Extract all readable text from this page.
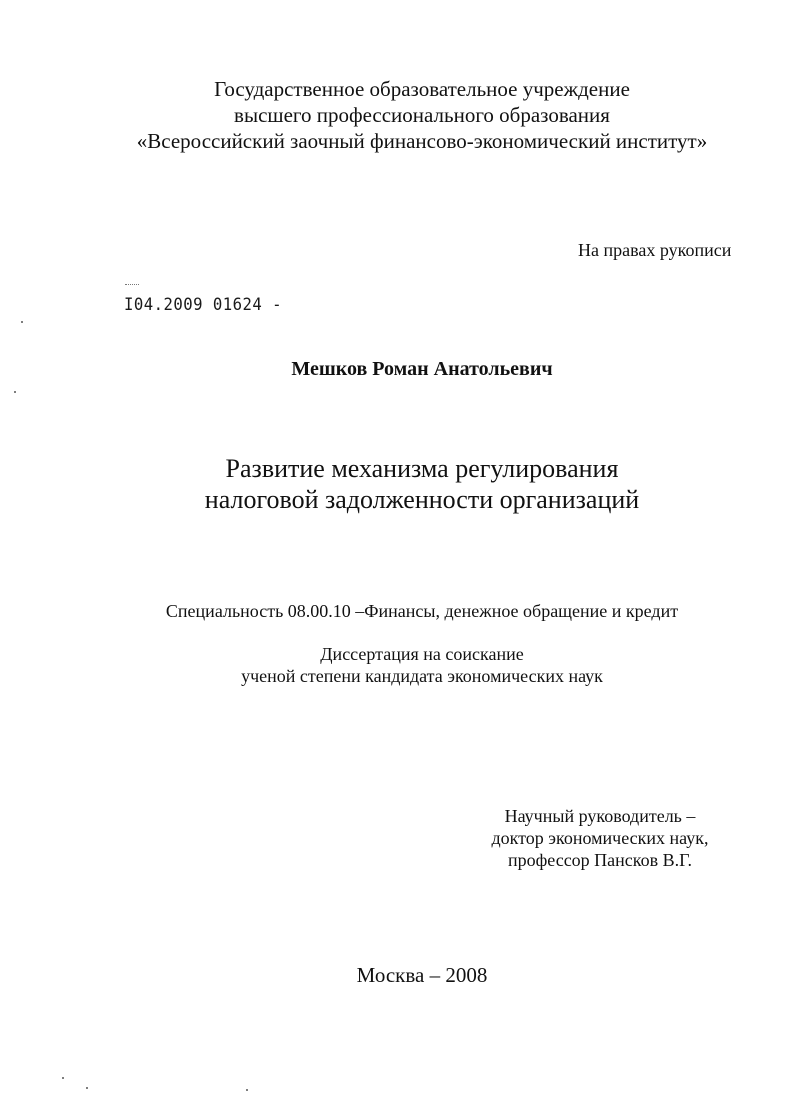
Государственное образовательное учреждение
высшего профессионального образования
«Всероссийский заочный финансово-экономический институт»
На правах рукописи
I04.2009 01624 -
Мешков Роман Анатольевич
Развитие механизма регулирования
налоговой задолженности организаций
Специальность 08.00.10 –Финансы, денежное обращение и кредит
Диссертация на соискание
ученой степени кандидата экономических наук
Научный руководитель –
доктор экономических наук,
профессор Пансков В.Г.
Москва – 2008
